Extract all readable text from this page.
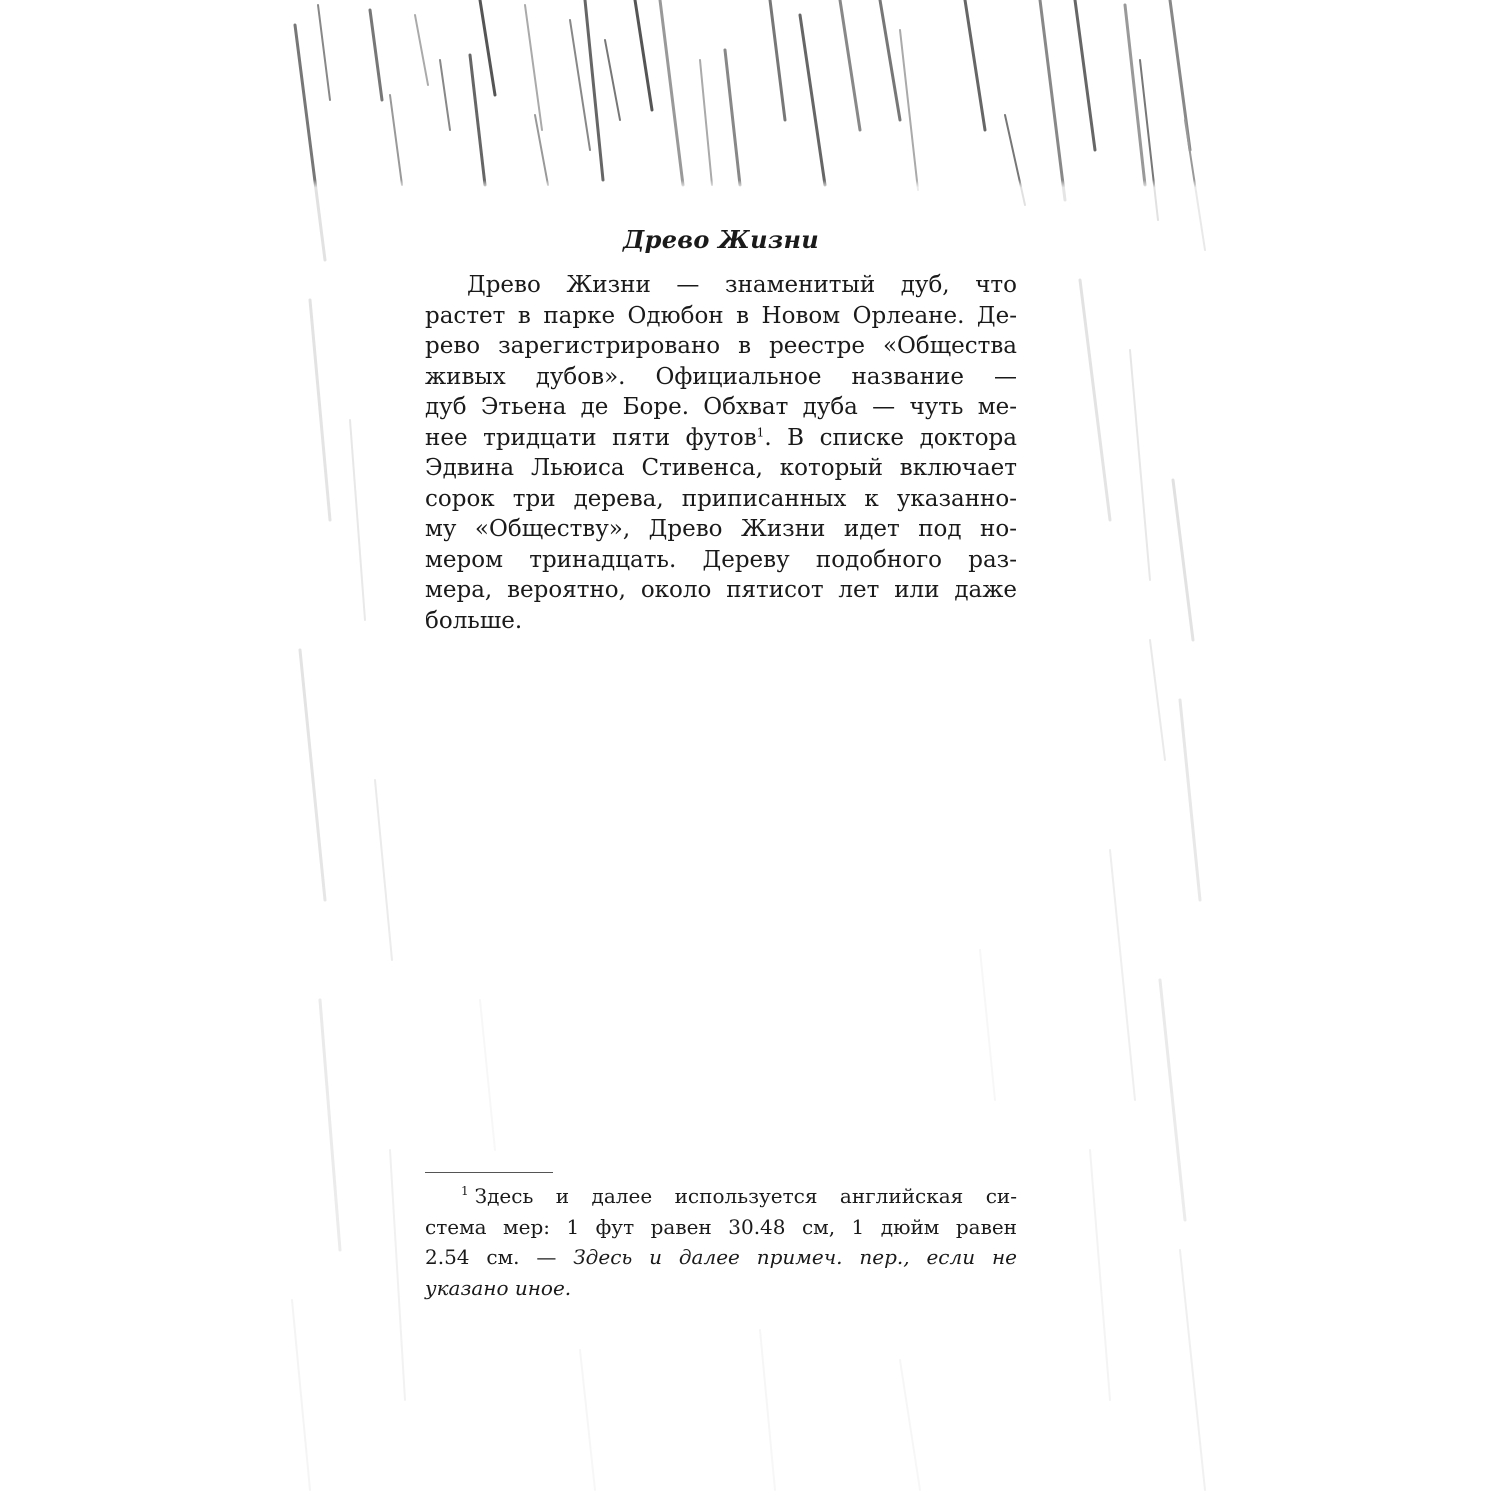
Древо Жизни

Древо Жизни — знаменитый дуб, что
растет в парке Одюбон в Новом Орлеане. Де-
рево зарегистрировано в реестре «Общества
живых дубов». Официальное название —
дуб Этьена де Боре. Обхват дуба — чуть ме-
нее тридцати пяти футов$^1$. В списке доктора
Эдвина Льюиса Стивенса, который включает
сорок три дерева, приписанных к указанно-
му «Обществу», Древо Жизни идет под но-
мером тринадцать. Дереву подобного раз-
мера, вероятно, около пятисот лет или даже
больше.

$^1$ Здесь и далее используется английская си-
стема мер: 1 фут равен 30.48 см, 1 дюйм равен
2.54 см. — Здесь и далее примеч. пер., если не
указано иное.
